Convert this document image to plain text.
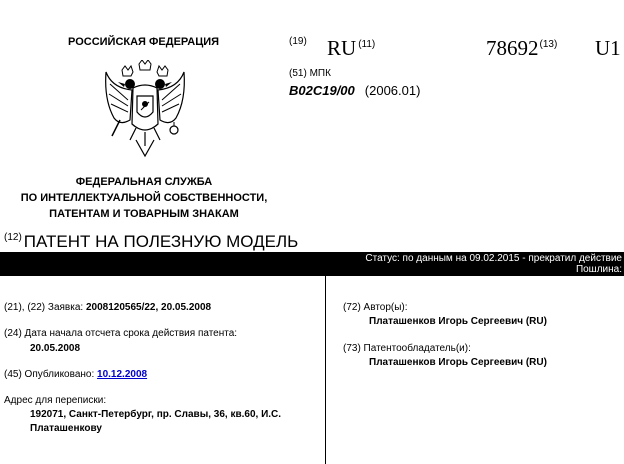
РОССИЙСКАЯ ФЕДЕРАЦИЯ
ФЕДЕРАЛЬНАЯ СЛУЖБА
ПО ИНТЕЛЛЕКТУАЛЬНОЙ СОБСТВЕННОСТИ,
ПАТЕНТАМ И ТОВАРНЫМ ЗНАКАМ
(19) RU $^{(11)}$	78692$^{(13)}$ U1
(51) МПК
B02C19/00 (2006.01)
$^{(12)}$ ПАТЕНТ НА ПОЛЕЗНУЮ МОДЕЛЬ
Статус: по данным на 09.02.2015 - прекратил действие
Пошлина:
(21), (22) Заявка: 2008120565/22, 20.05.2008
(24) Дата начала отсчета срока действия патента:
20.05.2008
(45) Опубликовано: 10.12.2008
Адрес для переписки:
192071, Санкт-Петербург, пр. Славы, 36, кв.60, И.С.
Платашенкову
(72) Автор(ы):
Платашенков Игорь Сергеевич (RU)
(73) Патентообладатель(и):
Платашенков Игорь Сергеевич (RU)
